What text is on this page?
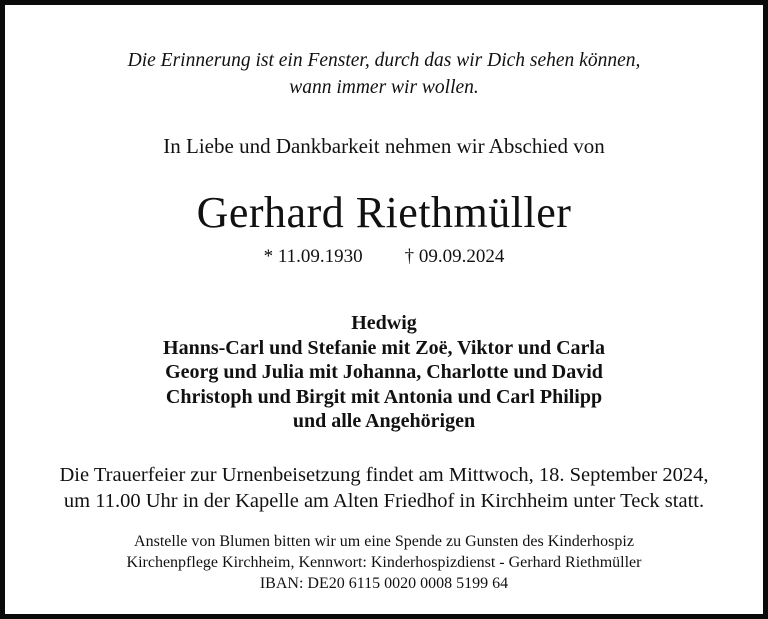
Die Erinnerung ist ein Fenster, durch das wir Dich sehen können,
wann immer wir wollen.
In Liebe und Dankbarkeit nehmen wir Abschied von
Gerhard Riethmüller
* 11.09.1930 † 09.09.2024
Hedwig
Hanns-Carl und Stefanie mit Zoë, Viktor und Carla
Georg und Julia mit Johanna, Charlotte und David
Christoph und Birgit mit Antonia und Carl Philipp
und alle Angehörigen
Die Trauerfeier zur Urnenbeisetzung findet am Mittwoch, 18. September 2024,
um 11.00 Uhr in der Kapelle am Alten Friedhof in Kirchheim unter Teck statt.
Anstelle von Blumen bitten wir um eine Spende zu Gunsten des Kinderhospiz
Kirchenpflege Kirchheim, Kennwort: Kinderhospizdienst - Gerhard Riethmüller
IBAN: DE20 6115 0020 0008 5199 64
